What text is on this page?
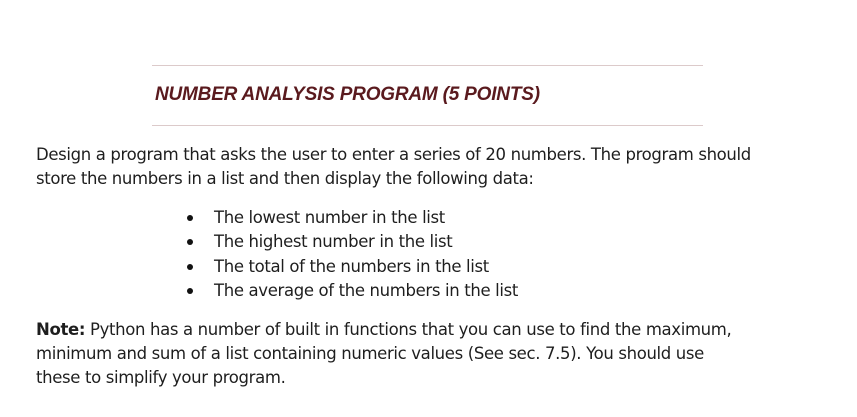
NUMBER ANALYSIS PROGRAM (5 POINTS)

Design a program that asks the user to enter a series of 20 numbers. The program should
store the numbers in a list and then display the following data:

The lowest number in the list
The highest number in the list
The total of the numbers in the list
The average of the numbers in the list

Note: Python has a number of built in functions that you can use to find the maximum,
minimum and sum of a list containing numeric values (See sec. 7.5). You should use
these to simplify your program.
